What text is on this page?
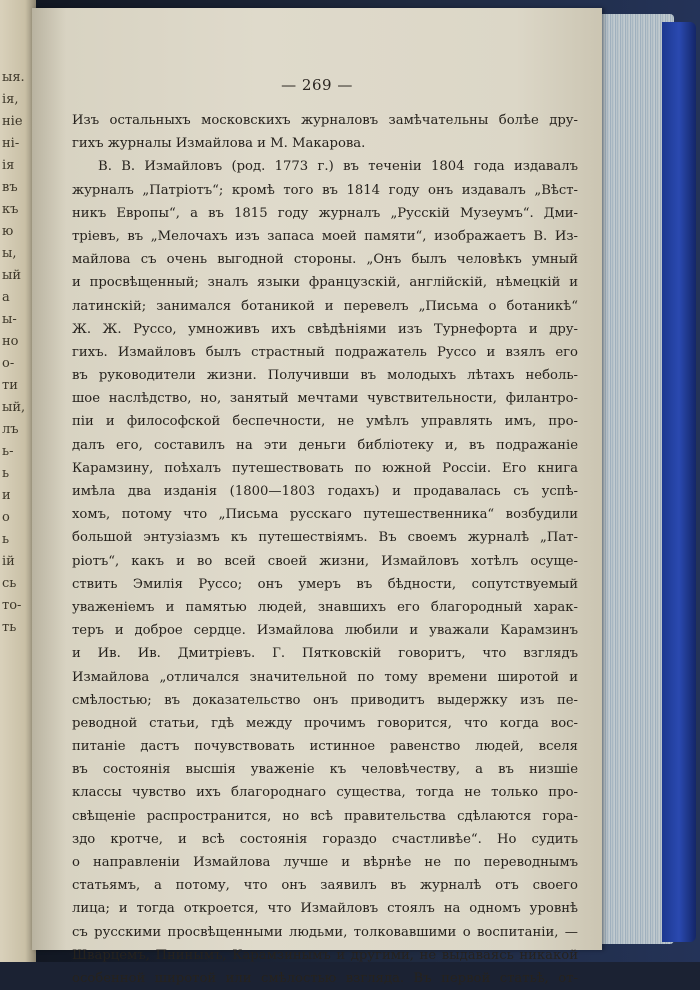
ыя.
ія,
ніе
ні-
ія
въ
къ
ю
ы,
ый
а
ы-
но
о-
ти
ый,
лъ
ь-
ь
и
о
ь
ій
сь
то-
ть
— 269 —
Изъ остальныхъ московскихъ журналовъ замѣчательны болѣе дру-
гихъ журналы Измайлова и М. Макарова.
В. В. Измайловъ (род. 1773 г.) въ теченіи 1804 года издавалъ
журналъ „Патріотъ“; кромѣ того въ 1814 году онъ издавалъ „Вѣст-
никъ Европы“, а въ 1815 году журналъ „Русскій Музеумъ“. Дми-
тріевъ, въ „Мелочахъ изъ запаса моей памяти“, изображаетъ В. Из-
майлова съ очень выгодной стороны. „Онъ былъ человѣкъ умный
и просвѣщенный; зналъ языки французскій, англійскій, нѣмецкій и
латинскій; занимался ботаникой и перевелъ „Письма о ботаникѣ“
Ж. Ж. Руссо, умноживъ ихъ свѣдѣніями изъ Турнефорта и дру-
гихъ. Измайловъ былъ страстный подражатель Руссо и взялъ его
въ руководители жизни. Получивши въ молодыхъ лѣтахъ неболь-
шое наслѣдство, но, занятый мечтами чувствительности, филантро-
піи и философской беспечности, не умѣлъ управлять имъ, про-
далъ его, составилъ на эти деньги библіотеку и, въ подражаніе
Карамзину, поѣхалъ путешествовать по южной Россіи. Его книга
имѣла два изданія (1800—1803 годахъ) и продавалась съ успѣ-
хомъ, потому что „Письма русскаго путешественника“ возбудили
большой энтузіазмъ къ путешествіямъ. Въ своемъ журналѣ „Пат-
ріотъ“, какъ и во всей своей жизни, Измайловъ хотѣлъ осуще-
ствить Эмилія Руссо; онъ умеръ въ бѣдности, сопутствуемый
уваженіемъ и памятью людей, знавшихъ его благородный харак-
теръ и доброе сердце. Измайлова любили и уважали Карамзинъ
и Ив. Ив. Дмитріевъ. Г. Пятковскій говоритъ, что взглядъ
Измайлова „отличался значительной по тому времени широтой и
смѣлостью; въ доказательство онъ приводитъ выдержку изъ пе-
реводной статьи, гдѣ между прочимъ говорится, что когда вос-
питаніе дастъ почувствовать истинное равенство людей, вселя
въ состоянія высшія уваженіе къ человѣчеству, а въ низшіе
классы чувство ихъ благороднаго существа, тогда не только про-
свѣщеніе распространится, но всѣ правительства сдѣлаются гора-
здо кротче, и всѣ состоянія гораздо счастливѣе“. Но судить
о направленіи Измайлова лучше и вѣрнѣе не по переводнымъ
статьямъ, а потому, что онъ заявилъ въ журналѣ отъ своего
лица; и тогда откроется, что Измайловъ стоялъ на одномъ уровнѣ
съ русскими просвѣщенными людьми, толковавшими о воспитаніи, —
Шварцемъ, Пнинымъ, Карамзинымъ и другими, не выдаваясь никакой
особенной широтой или смѣлостью взгляда. Въ первой статьѣ, от-
